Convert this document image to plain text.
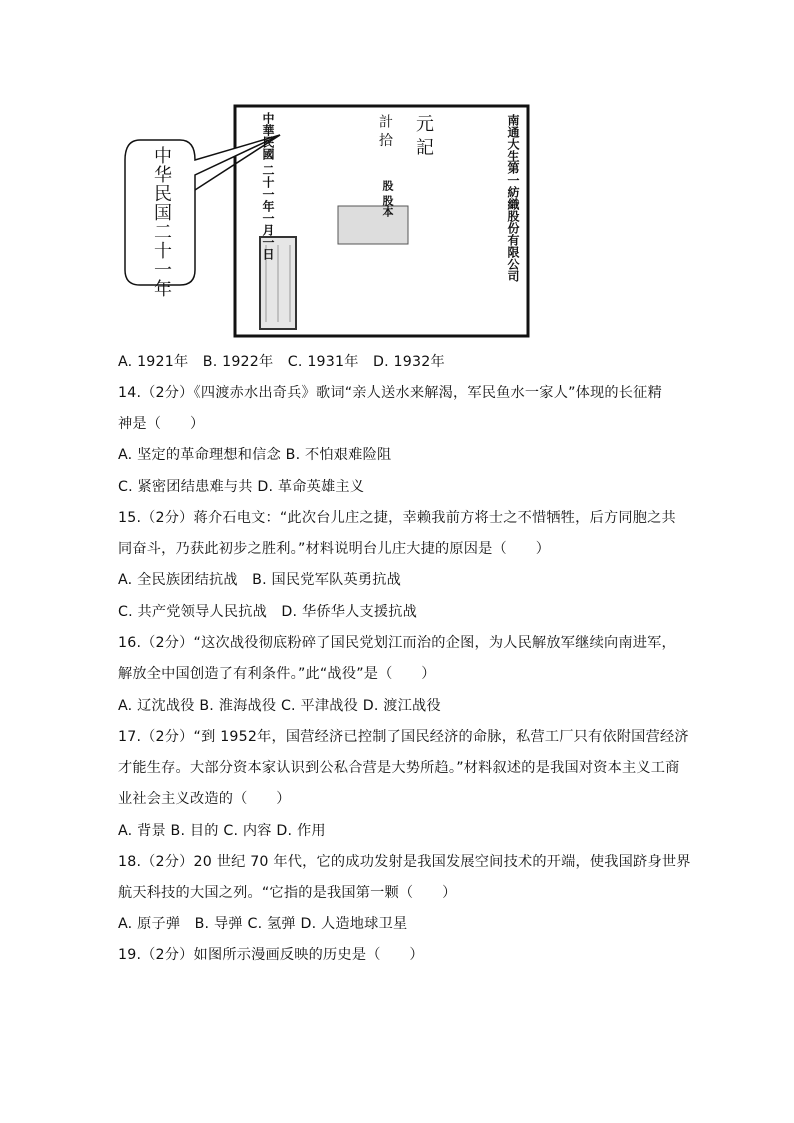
中华民国二十一年	南通大生第一紡織股份有限公司
元 記
計 拾
股 股本
中華民國 二十一年一月一日
A. 1921年　B. 1922年　C. 1931年　D. 1932年
14.（2分）《四渡赤水出奇兵》歌词“亲人送水来解渴，军民鱼水一家人”体现的长征精
神是（　　）
A. 坚定的革命理想和信念 B. 不怕艰难险阻
C. 紧密团结患难与共 D. 革命英雄主义
15.（2分）蒋介石电文：“此次台儿庄之捷，幸赖我前方将士之不惜牺牲，后方同胞之共
同奋斗，乃获此初步之胜利。”材料说明台儿庄大捷的原因是（　　）
A. 全民族团结抗战　B. 国民党军队英勇抗战
C. 共产党领导人民抗战　D. 华侨华人支援抗战
16.（2分）“这次战役彻底粉碎了国民党划江而治的企图，为人民解放军继续向南进军，
解放全中国创造了有利条件。”此“战役”是（　　）
A. 辽沈战役 B. 淮海战役 C. 平津战役 D. 渡江战役
17.（2分）“到 1952年，国营经济已控制了国民经济的命脉，私营工厂只有依附国营经济
才能生存。大部分资本家认识到公私合营是大势所趋。”材料叙述的是我国对资本主义工商
业社会主义改造的（　　）
A. 背景 B. 目的 C. 内容 D. 作用
18.（2分）20 世纪 70 年代，它的成功发射是我国发展空间技术的开端，使我国跻身世界
航天科技的大国之列。“它指的是我国第一颗（　　）
A. 原子弹　B. 导弹 C. 氢弹 D. 人造地球卫星
19.（2分）如图所示漫画反映的历史是（　　）
